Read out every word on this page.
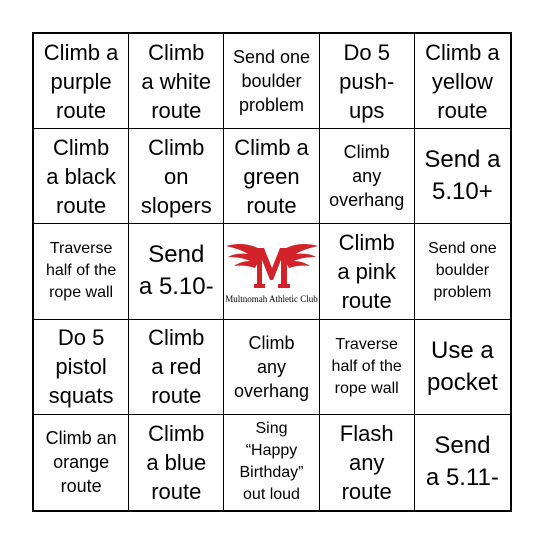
Climb a
purple
route
Climb
a white
route
Send one
boulder
problem
Do 5
push-
ups
Climb a
yellow
route
Climb
a black
route
Climb
on
slopers
Climb a
green
route
Climb
any
overhang
Send a
5.10+
Traverse
half of the
rope wall
Send
a 5.10- Multnomah Athletic Club
Climb
a pink
route
Send one
boulder
problem
Do 5
pistol
squats
Climb
a red
route
Climb
any
overhang
Traverse
half of the
rope wall
Use a
pocket
Climb an
orange
route
Climb
a blue
route
Sing
“Happy
Birthday”
out loud
Flash
any
route
Send
a 5.11-
